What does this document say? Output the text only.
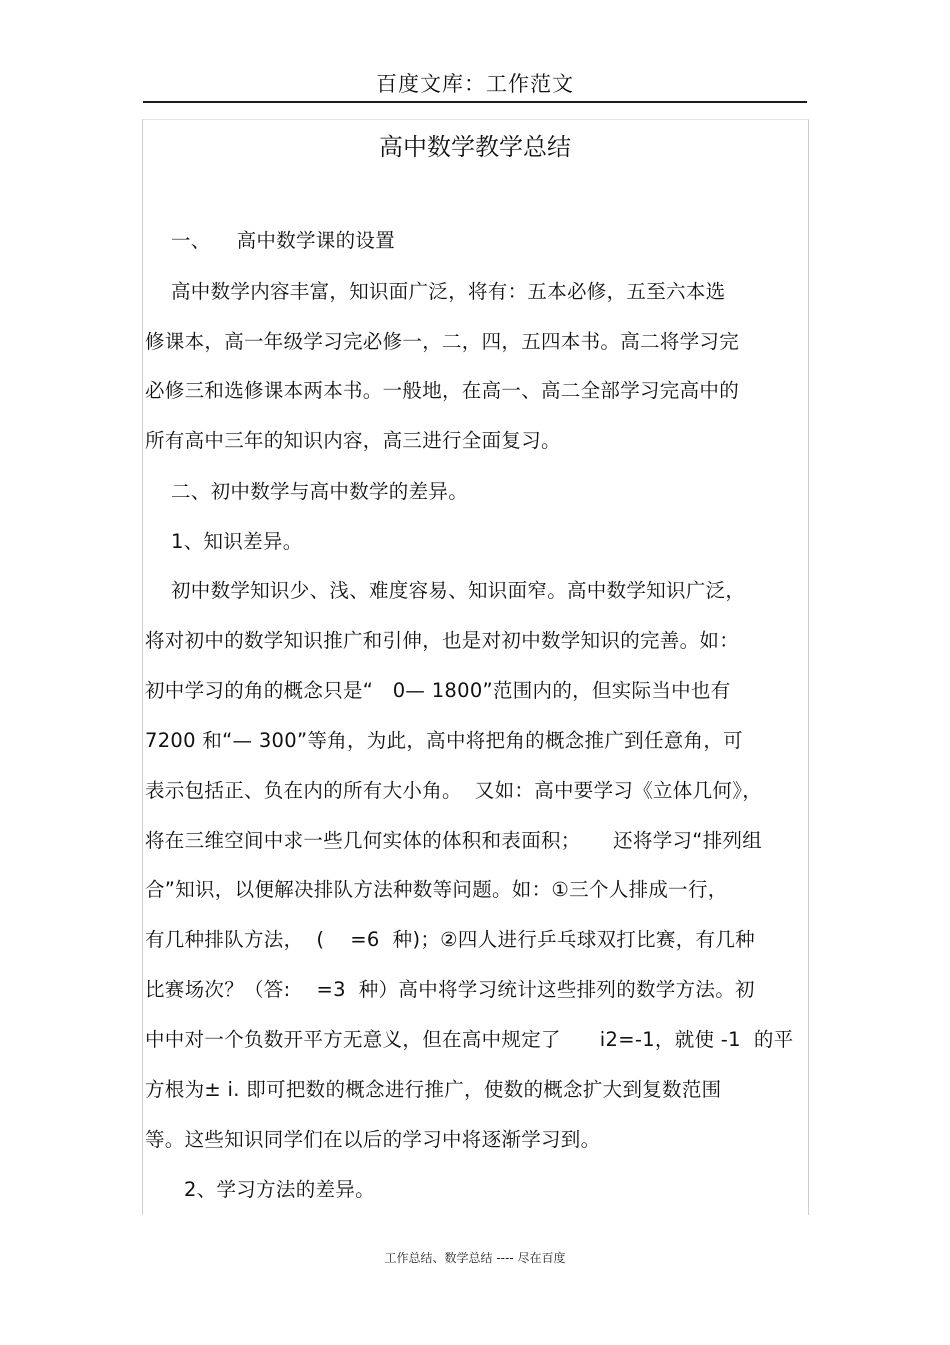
百度文库：工作范文
高中数学教学总结
一、    高中数学课的设置
高中数学内容丰富，知识面广泛，将有：五本必修，五至六本选
修课本，高一年级学习完必修一，二，四，五四本书。高二将学习完
必修三和选修课本两本书。一般地，在高一、高二全部学习完高中的
所有高中三年的知识内容，高三进行全面复习。
二、初中数学与高中数学的差异。
1、知识差异。
初中数学知识少、浅、难度容易、知识面窄。高中数学知识广泛，
将对初中的数学知识推广和引伸，也是对初中数学知识的完善。如：
初中学习的角的概念只是“   0— 1800”范围内的，但实际当中也有
7200 和“— 300”等角，为此，高中将把角的概念推广到任意角，可
表示包括正、负在内的所有大小角。  又如：高中要学习《立体几何》，
将在三维空间中求一些几何实体的体积和表面积；     还将学习“排列组
合”知识，以便解决排队方法种数等问题。如：①三个人排成一行，
有几种排队方法，  (    =6  种)；②四人进行乒乓球双打比赛，有几种
比赛场次？（答:    =3  种）高中将学习统计这些排列的数学方法。初
中中对一个负数开平方无意义，但在高中规定了      i2=-1，就使 -1  的平
方根为± i. 即可把数的概念进行推广，使数的概念扩大到复数范围
等。这些知识同学们在以后的学习中将逐渐学习到。
2、学习方法的差异。
工作总结、数学总结 ---- 尽在百度
